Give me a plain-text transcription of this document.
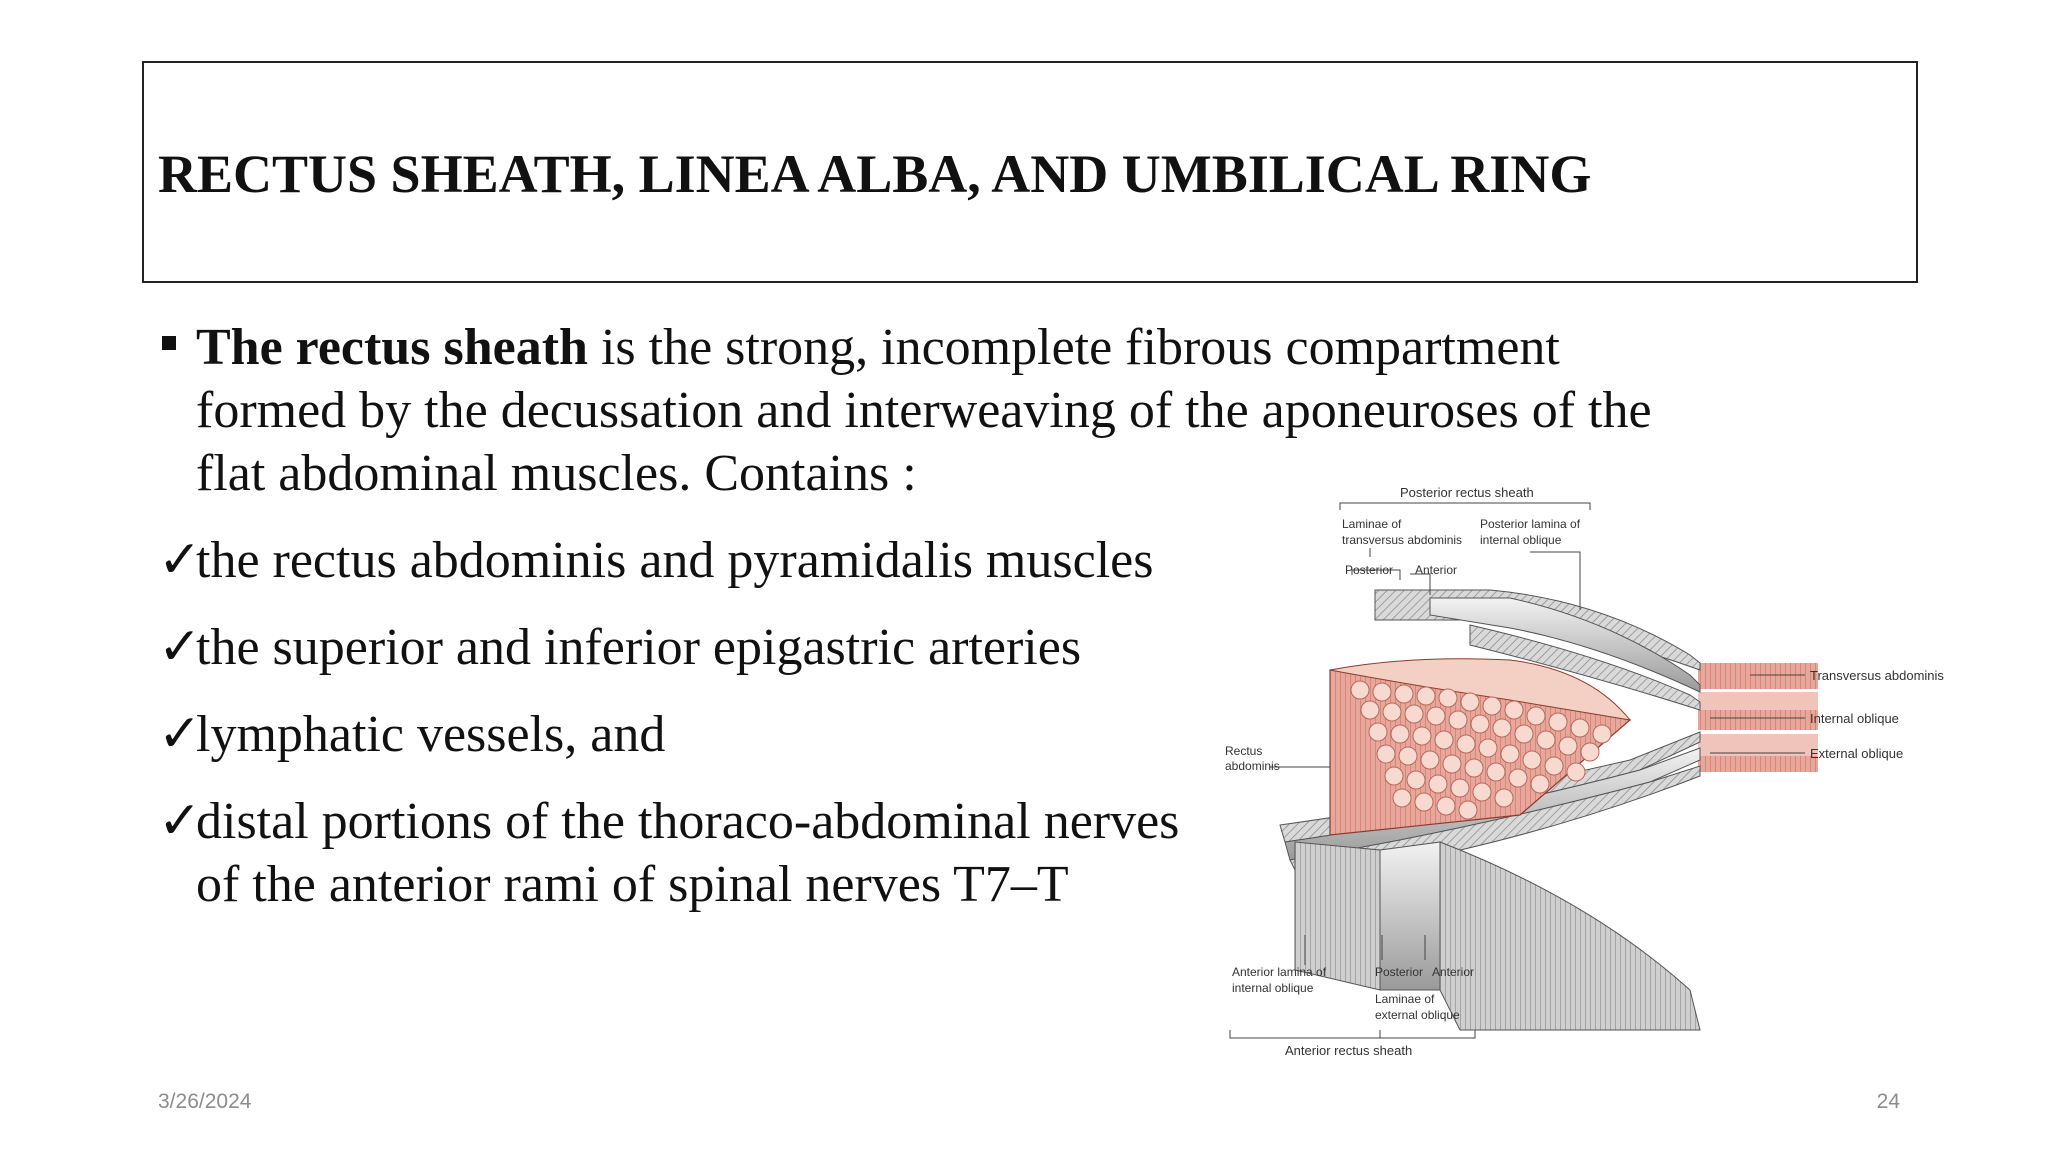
RECTUS SHEATH, LINEA ALBA, AND UMBILICAL RING
The rectus sheath is the strong, incomplete fibrous compartment
formed by the decussation and interweaving of the aponeuroses of the
flat abdominal muscles. Contains :
✓the rectus abdominis and pyramidalis muscles
✓the superior and inferior epigastric arteries
✓lymphatic vessels, and
✓distal portions of the thoraco-abdominal nerves
of the anterior rami of spinal nerves T7–T
Posterior rectus sheath
Laminae of
transversus abdominis
Posterior lamina of
internal oblique
Posterior Anterior
Transversus abdominis
Internal oblique
External oblique
Rectus
abdominis
Anterior lamina of
internal oblique
Posterior Anterior
Laminae of
external oblique
Anterior rectus sheath
3/26/2024	24
